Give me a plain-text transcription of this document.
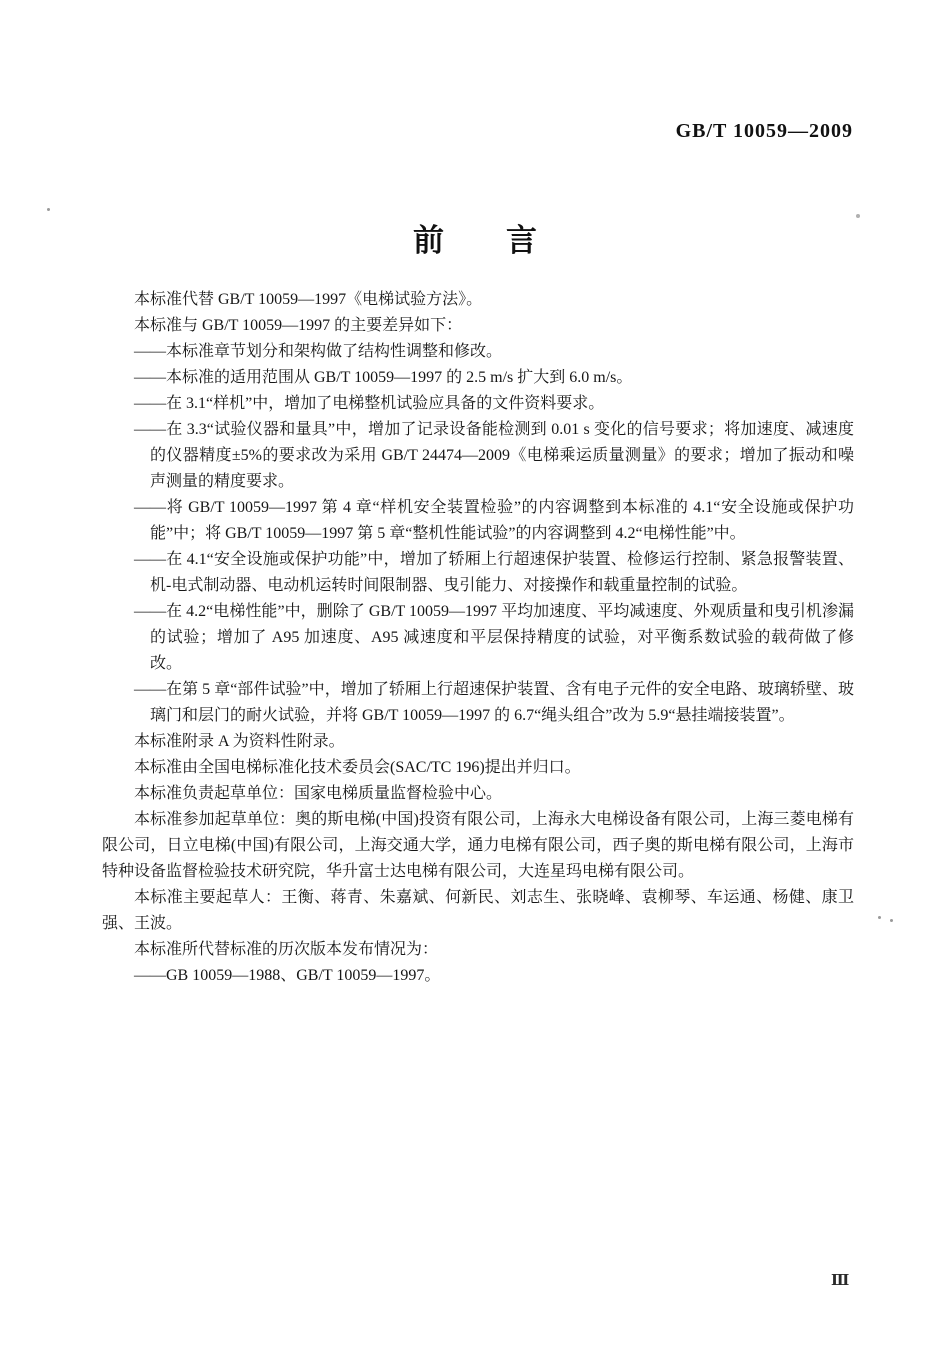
GB/T 10059—2009
前　　言

本标准代替 GB/T 10059—1997《电梯试验方法》。

本标准与 GB/T 10059—1997 的主要差异如下：

——本标准章节划分和架构做了结构性调整和修改。

——本标准的适用范围从 GB/T 10059—1997 的 2.5 m/s 扩大到 6.0 m/s。

——在 3.1“样机”中，增加了电梯整机试验应具备的文件资料要求。

——在 3.3“试验仪器和量具”中，增加了记录设备能检测到 0.01 s 变化的信号要求；将加速度、减速度的仪器精度±5%的要求改为采用 GB/T 24474—2009《电梯乘运质量测量》的要求；增加了振动和噪声测量的精度要求。

——将 GB/T 10059—1997 第 4 章“样机安全装置检验”的内容调整到本标准的 4.1“安全设施或保护功能”中；将 GB/T 10059—1997 第 5 章“整机性能试验”的内容调整到 4.2“电梯性能”中。

——在 4.1“安全设施或保护功能”中，增加了轿厢上行超速保护装置、检修运行控制、紧急报警装置、机-电式制动器、电动机运转时间限制器、曳引能力、对接操作和载重量控制的试验。

——在 4.2“电梯性能”中，删除了 GB/T 10059—1997 平均加速度、平均减速度、外观质量和曳引机渗漏的试验；增加了 A95 加速度、A95 减速度和平层保持精度的试验，对平衡系数试验的载荷做了修改。

——在第 5 章“部件试验”中，增加了轿厢上行超速保护装置、含有电子元件的安全电路、玻璃轿壁、玻璃门和层门的耐火试验，并将 GB/T 10059—1997 的 6.7“绳头组合”改为 5.9“悬挂端接装置”。

本标准附录 A 为资料性附录。

本标准由全国电梯标准化技术委员会(SAC/TC 196)提出并归口。

本标准负责起草单位：国家电梯质量监督检验中心。

本标准参加起草单位：奥的斯电梯(中国)投资有限公司，上海永大电梯设备有限公司，上海三菱电梯有限公司，日立电梯(中国)有限公司，上海交通大学，通力电梯有限公司，西子奥的斯电梯有限公司，上海市特种设备监督检验技术研究院，华升富士达电梯有限公司，大连星玛电梯有限公司。

本标准主要起草人：王衡、蒋青、朱嘉斌、何新民、刘志生、张晓峰、袁柳琴、车运通、杨健、康卫强、王波。

本标准所代替标准的历次版本发布情况为：

——GB 10059—1988、GB/T 10059—1997。

Ⅲ
